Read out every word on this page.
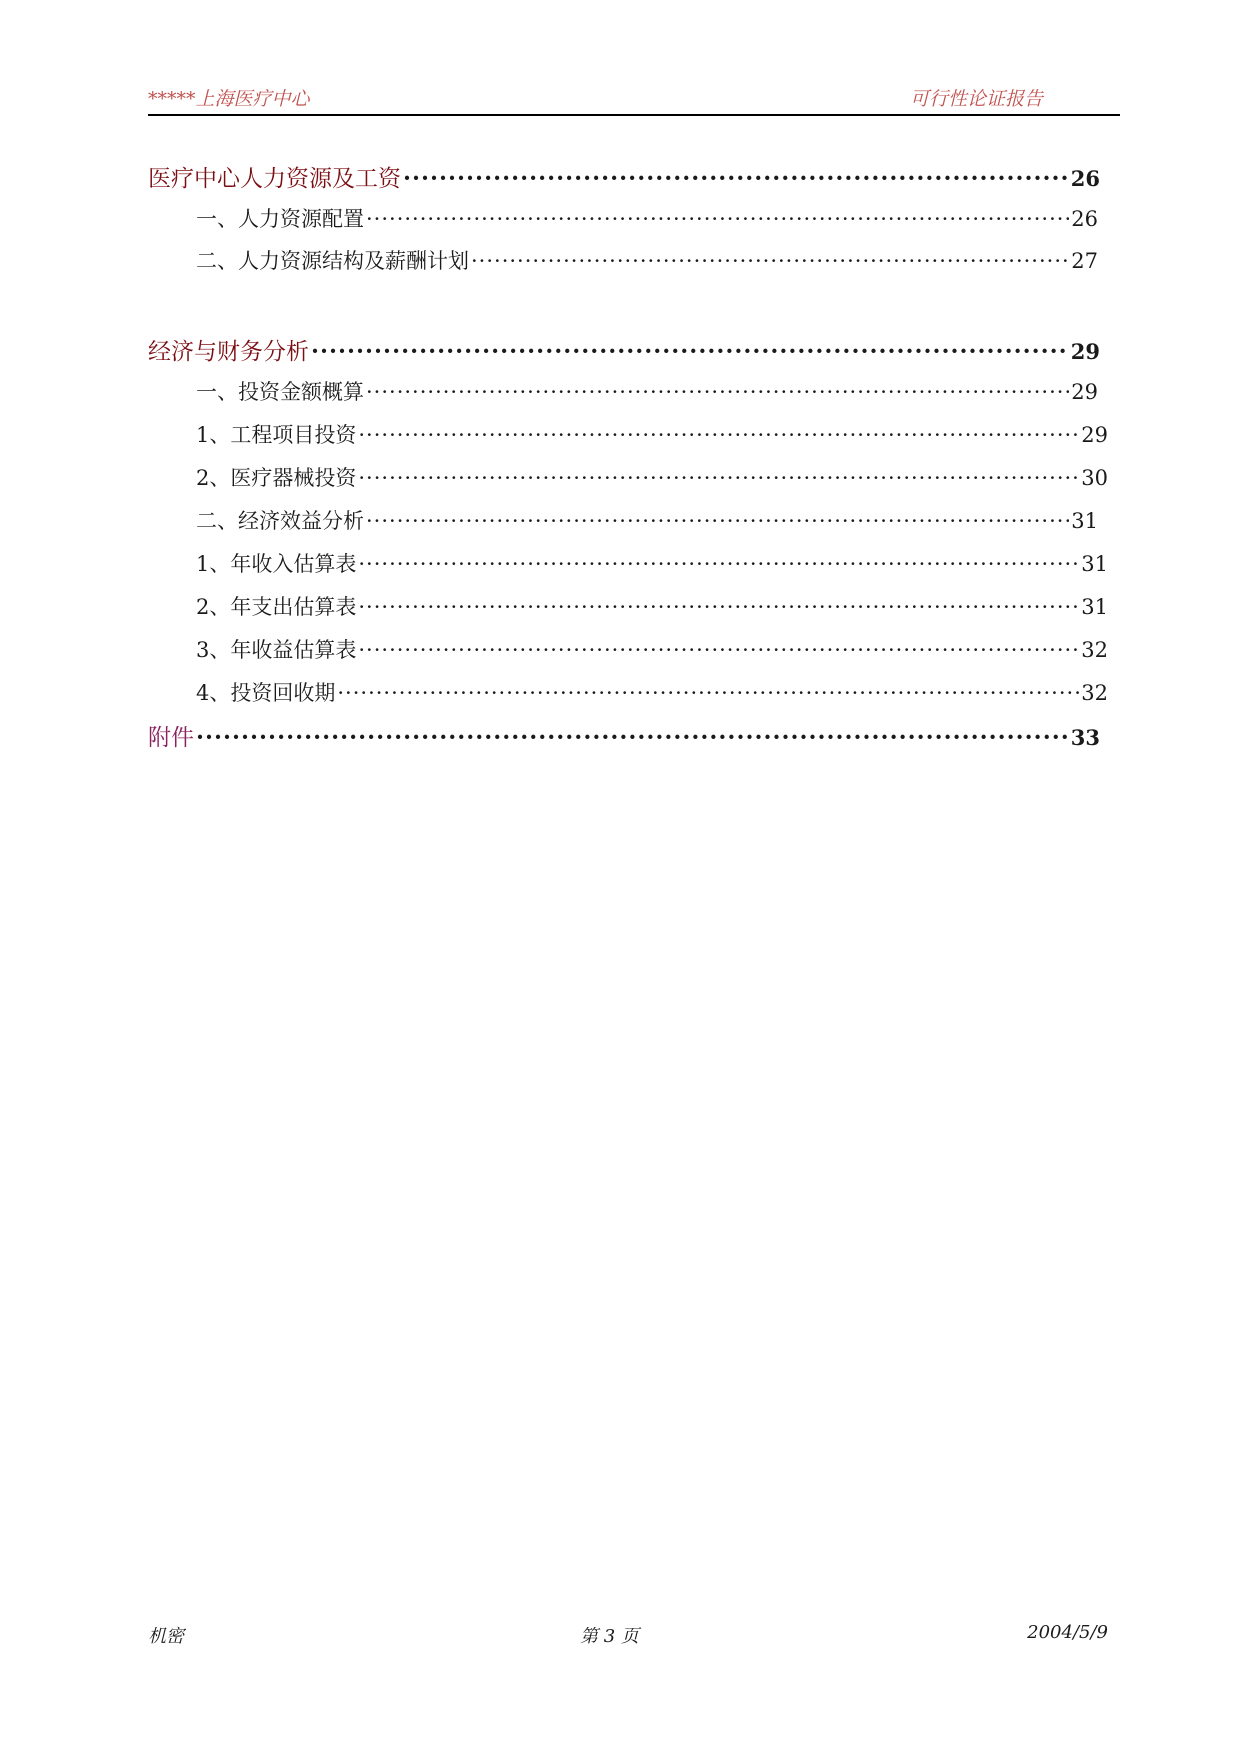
*****上海医疗中心	可行性论证报告
医疗中心人力资源及工资 ·····	26
一、人力资源配置 ·····	26
二、人力资源结构及薪酬计划 ·····	27
经济与财务分析 ·····	29
一、投资金额概算 ·····	29
1、工程项目投资 ·····	29
2、医疗器械投资 ·····	30
二、经济效益分析 ·····	31
1、年收入估算表 ·····	31
2、年支出估算表 ·····	31
3、年收益估算表 ·····	32
4、投资回收期 ·····	32
附件 ·····	33
机密	第 3 页	2004/5/9
